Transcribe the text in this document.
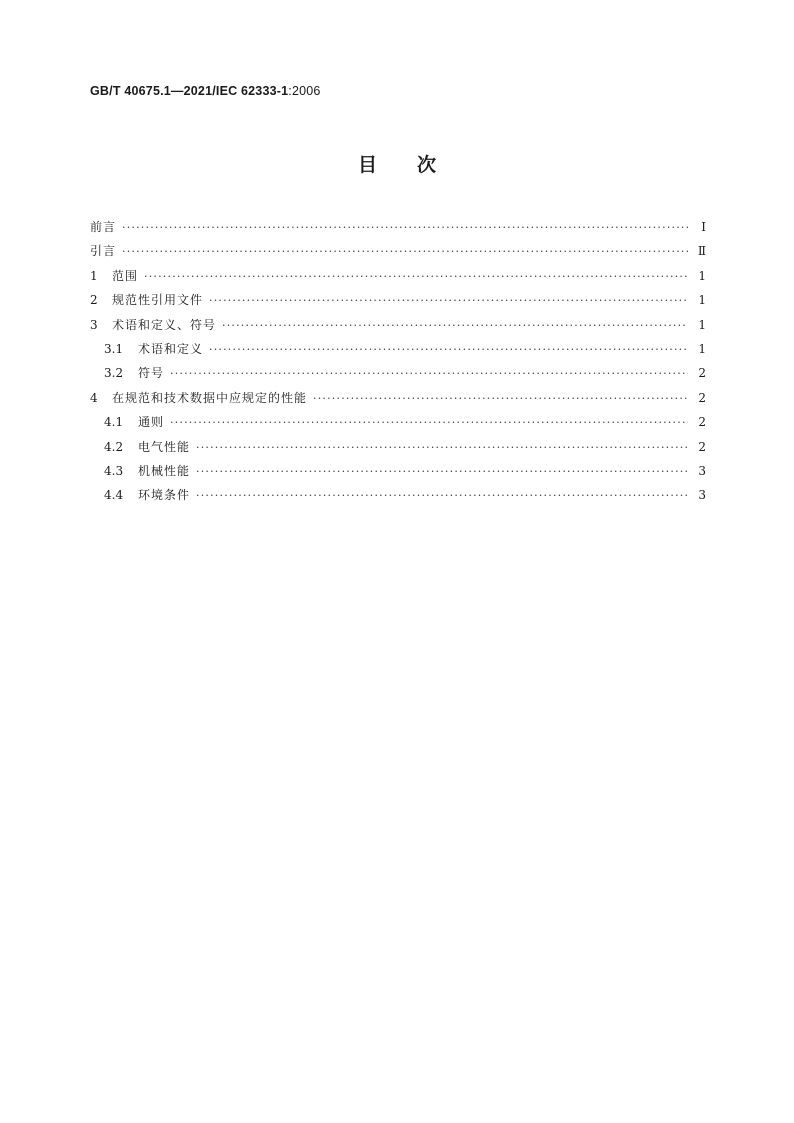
GB/T 40675.1—2021/IEC 62333-1:2006
目次
前言 ·····	Ⅰ
引言 ·····	Ⅱ
1	范围 ·····	1
2	规范性引用文件 ·····	1
3	术语和定义、符号 ·····	1
3.1	术语和定义 ·····	1
3.2	符号 ·····	2
4	在规范和技术数据中应规定的性能 ·····	2
4.1	通则 ·····	2
4.2	电气性能 ·····	2
4.3	机械性能 ·····	3
4.4	环境条件 ·····	3
